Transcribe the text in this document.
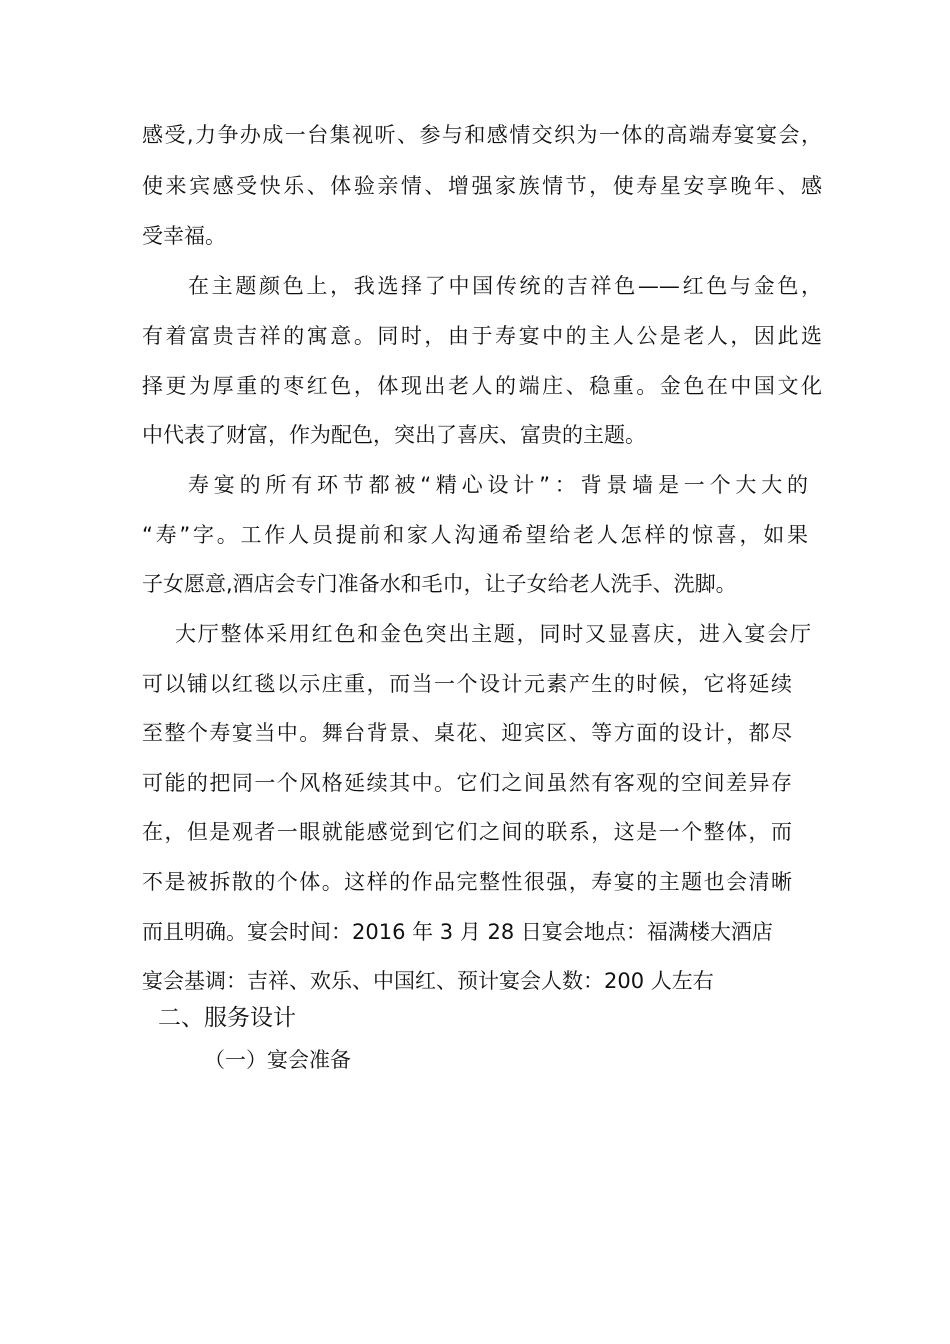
感受,力争办成一台集视听、参与和感情交织为一体的高端寿宴宴会，
使来宾感受快乐、体验亲情、增强家族情节，使寿星安享晚年、感
受幸福。
在主题颜色上，我选择了中国传统的吉祥色——红色与金色，
有着富贵吉祥的寓意。同时，由于寿宴中的主人公是老人，因此选
择更为厚重的枣红色，体现出老人的端庄、稳重。金色在中国文化
中代表了财富，作为配色，突出了喜庆、富贵的主题。
寿宴的所有环节都被“精心设计”：背景墙是一个大大的
“寿”字。工作人员提前和家人沟通希望给老人怎样的惊喜，如果
子女愿意,酒店会专门准备水和毛巾，让子女给老人洗手、洗脚。
大厅整体采用红色和金色突出主题，同时又显喜庆，进入宴会厅
可以铺以红毯以示庄重，而当一个设计元素产生的时候，它将延续
至整个寿宴当中。舞台背景、桌花、迎宾区、等方面的设计，都尽
可能的把同一个风格延续其中。它们之间虽然有客观的空间差异存
在，但是观者一眼就能感觉到它们之间的联系，这是一个整体，而
不是被拆散的个体。这样的作品完整性很强，寿宴的主题也会清晰
而且明确。宴会时间：2016 年 3 月 28 日宴会地点：福满楼大酒店
宴会基调：吉祥、欢乐、中国红、预计宴会人数：200 人左右
二、服务设计
（一）宴会准备
